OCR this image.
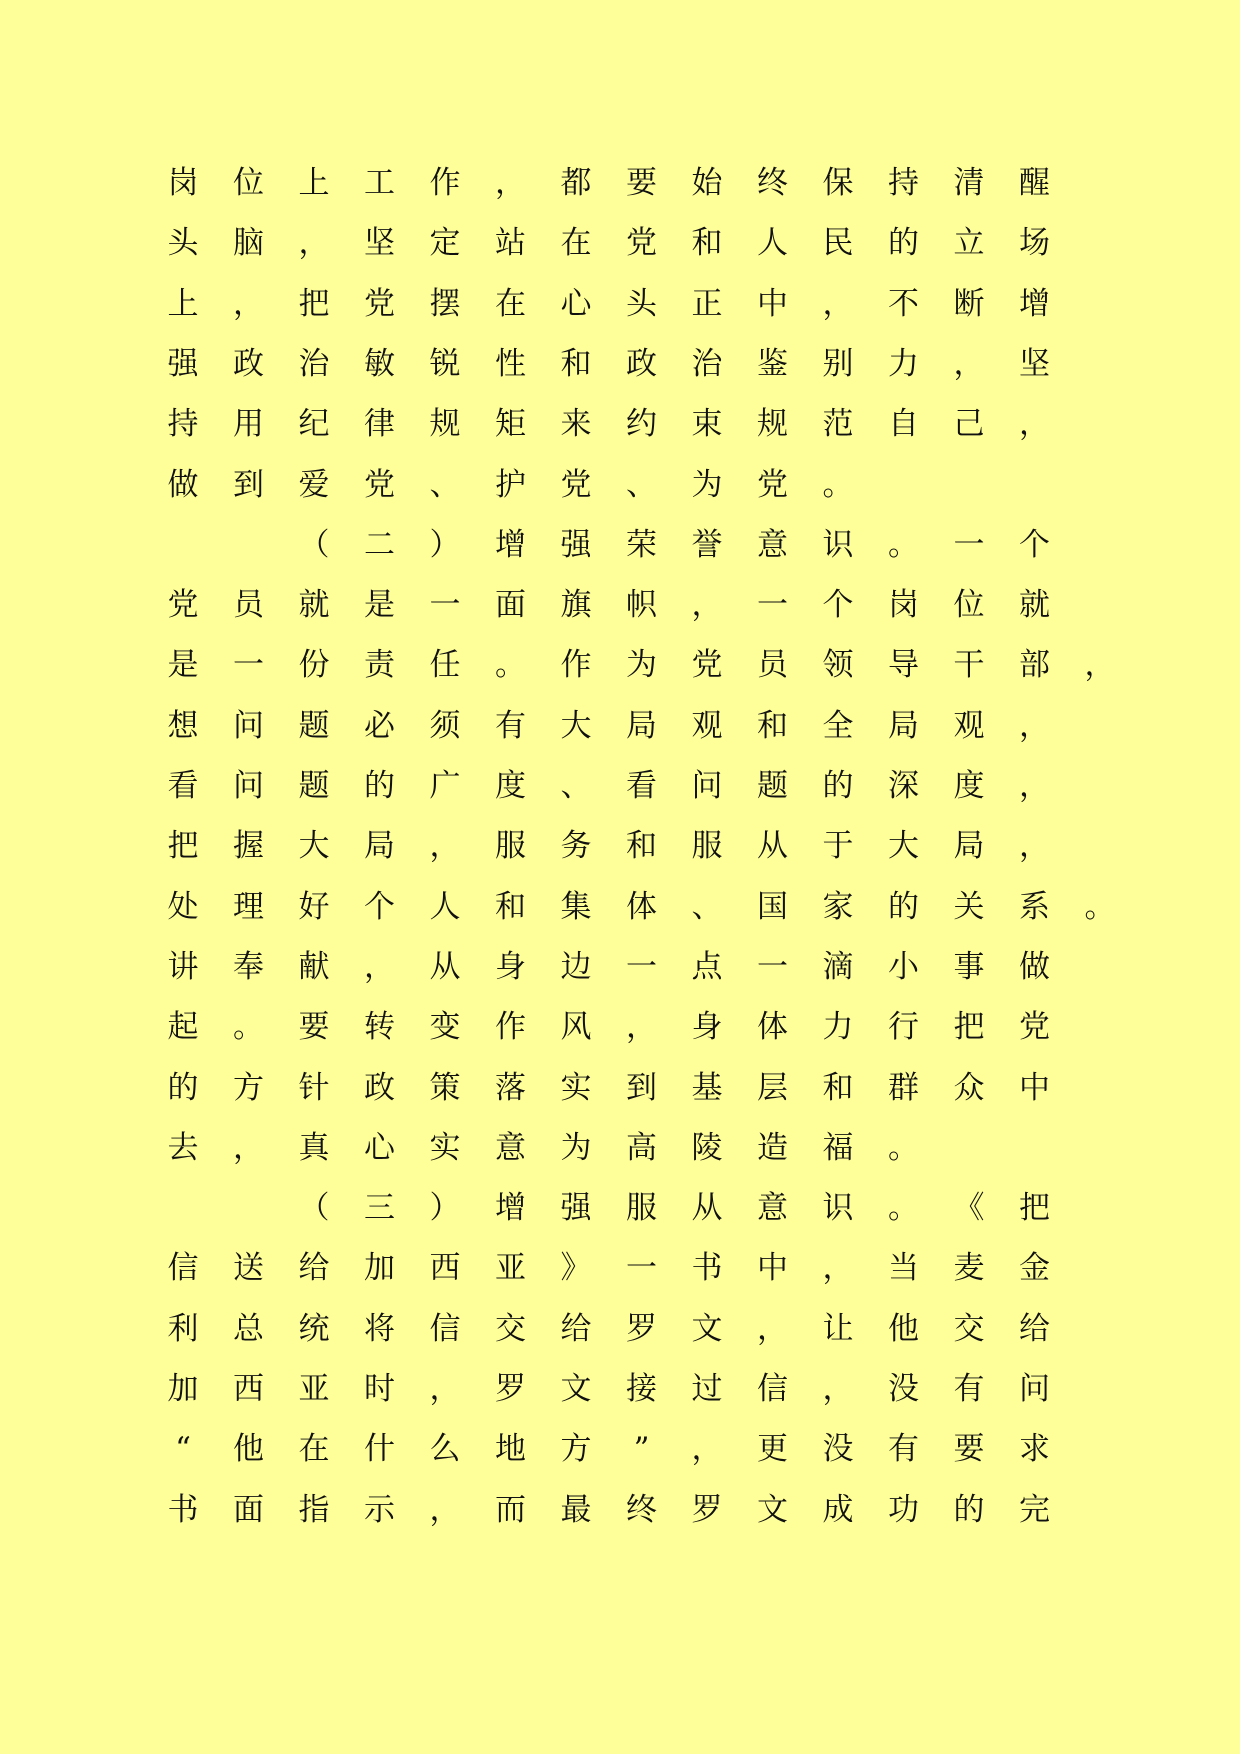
岗 位 上 工 作 ， 都 要 始 终 保 持 清 醒
头 脑 ， 坚 定 站 在 党 和 人 民 的 立 场
上 ， 把 党 摆 在 心 头 正 中 ， 不 断 增
强 政 治 敏 锐 性 和 政 治 鉴 别 力 ， 坚
持 用 纪 律 规 矩 来 约 束 规 范 自 己 ，
做 到 爱 党 、 护 党 、 为 党 。
（ 二 ） 增 强 荣 誉 意 识 。 一 个
党 员 就 是 一 面 旗 帜 ， 一 个 岗 位 就
是 一 份 责 任 。 作 为 党 员 领 导 干 部 ，
想 问 题 必 须 有 大 局 观 和 全 局 观 ，
看 问 题 的 广 度 、 看 问 题 的 深 度 ，
把 握 大 局 ， 服 务 和 服 从 于 大 局 ，
处 理 好 个 人 和 集 体 、 国 家 的 关 系 。
讲 奉 献 ， 从 身 边 一 点 一 滴 小 事 做
起 。 要 转 变 作 风 ， 身 体 力 行 把 党
的 方 针 政 策 落 实 到 基 层 和 群 众 中
去 ， 真 心 实 意 为 高 陵 造 福 。
（ 三 ） 增 强 服 从 意 识 。 《 把
信 送 给 加 西 亚 》 一 书 中 ， 当 麦 金
利 总 统 将 信 交 给 罗 文 ， 让 他 交 给
加 西 亚 时 ， 罗 文 接 过 信 ， 没 有 问
“	他 在 什 么 地 方	”	， 更 没 有 要 求
书 面 指 示 ， 而 最 终 罗 文 成 功 的 完
